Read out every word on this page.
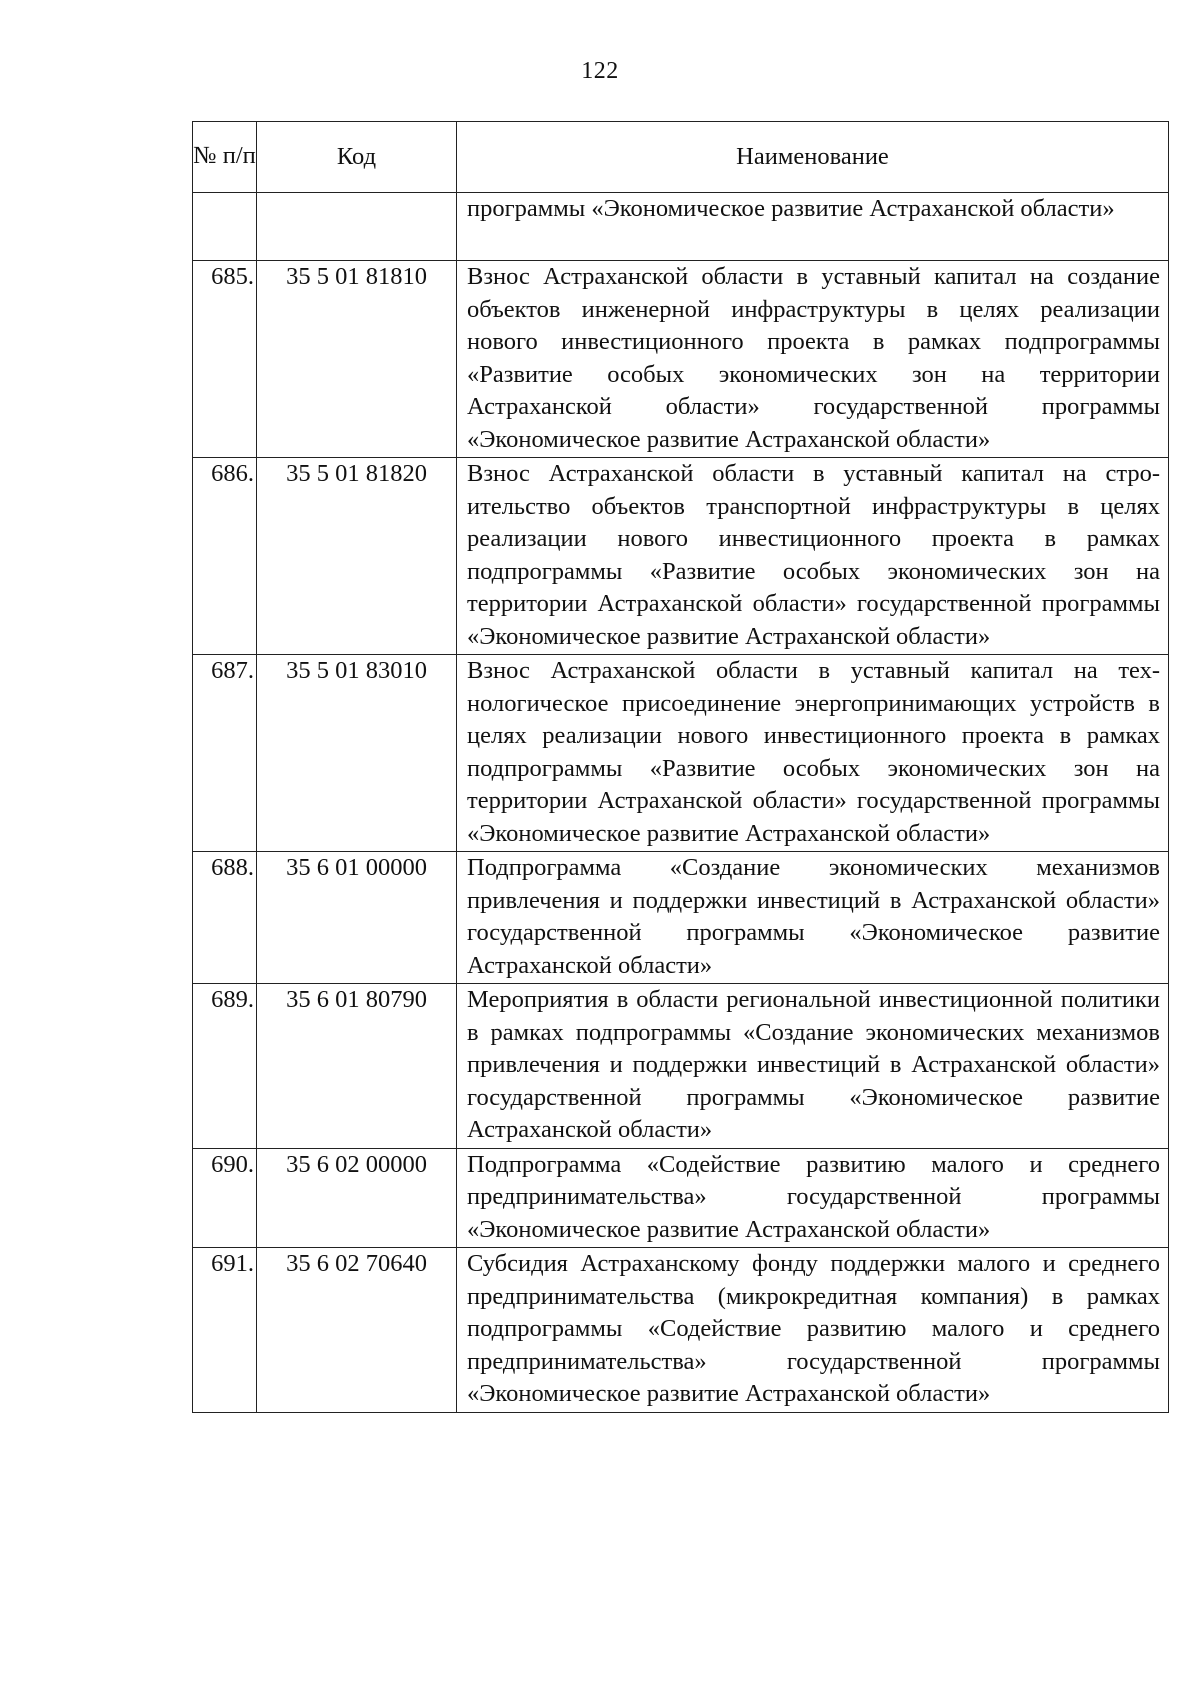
122
№ п/п	Код	Наименование
		программы «Экономическое развитие Астраханской области»
685.	35 5 01 81810	Взнос Астраханской области в уставный капитал на создание объектов инженерной инфраструктуры в целях реализации нового инвестиционного проекта в рамках подпрограммы «Развитие особых экономических зон на территории Астраханской области» государственной программы «Экономическое развитие Астраханской области»
686.	35 5 01 81820	Взнос Астраханской области в уставный капитал на строительство объектов транспортной инфраструктуры в целях реализации нового инвестиционного проекта в рамках подпрограммы «Развитие особых экономических зон на территории Астраханской области» государственной программы «Экономическое развитие Астраханской области»
687.	35 5 01 83010	Взнос Астраханской области в уставный капитал на технологическое присоединение энергопринимающих устройств в целях реализации нового инвестиционного проекта в рамках подпрограммы «Развитие особых экономических зон на территории Астраханской области» государственной программы «Экономическое развитие Астраханской области»
688.	35 6 01 00000	Подпрограмма «Создание экономических механизмов привлечения и поддержки инвестиций в Астраханской области» государственной программы «Экономическое развитие Астраханской области»
689.	35 6 01 80790	Мероприятия в области региональной инвестиционной политики в рамках подпрограммы «Создание экономических механизмов привлечения и поддержки инвестиций в Астраханской области» государственной программы «Экономическое развитие Астраханской области»
690.	35 6 02 00000	Подпрограмма «Содействие развитию малого и среднего предпринимательства» государственной программы «Экономическое развитие Астраханской области»
691.	35 6 02 70640	Субсидия Астраханскому фонду поддержки малого и среднего предпринимательства (микрокредитная компания) в рамках подпрограммы «Содействие развитию малого и среднего предпринимательства» государственной программы «Экономическое развитие Астраханской области»
